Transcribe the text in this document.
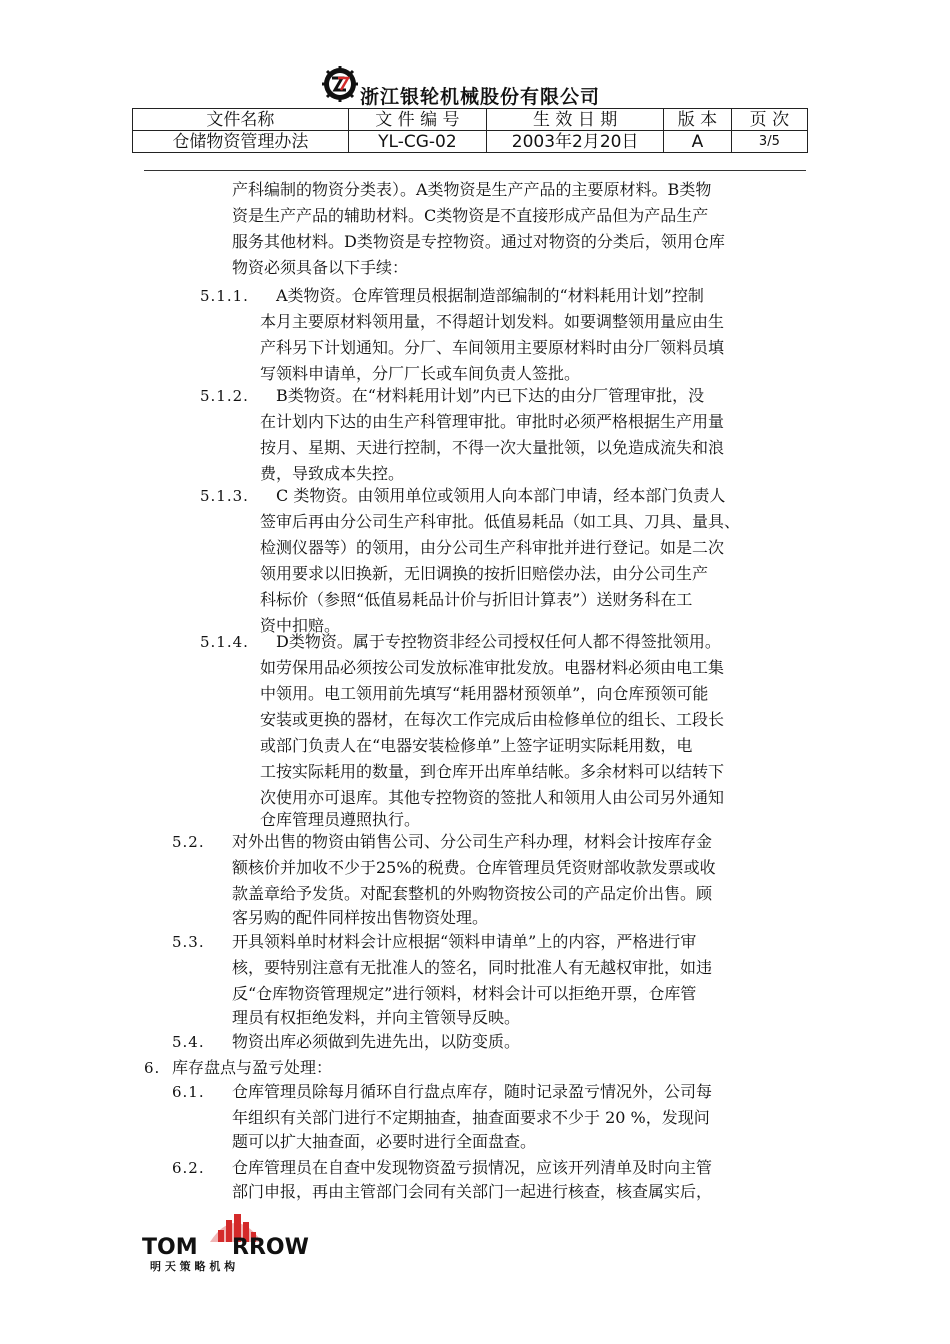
浙江银轮机械股份有限公司
文件名称	文 件 编 号	生 效 日 期	版 本	页 次
仓储物资管理办法	YL-CG-02	2003年2月20日	A	3/5
产科编制的物资分类表）。A类物资是生产产品的主要原材料。B类物
资是生产产品的辅助材料。C类物资是不直接形成产品但为产品生产
服务其他材料。D类物资是专控物资。通过对物资的分类后，领用仓库
物资必须具备以下手续：
5.1.1. A类物资。仓库管理员根据制造部编制的“材料耗用计划”控制
本月主要原材料领用量，不得超计划发料。如要调整领用量应由生
产科另下计划通知。分厂、车间领用主要原材料时由分厂领料员填
写领料申请单，分厂厂长或车间负责人签批。
5.1.2. B类物资。在“材料耗用计划”内已下达的由分厂管理审批，没
在计划内下达的由生产科管理审批。审批时必须严格根据生产用量
按月、星期、天进行控制，不得一次大量批领，以免造成流失和浪
费，导致成本失控。
5.1.3. C 类物资。由领用单位或领用人向本部门申请，经本部门负责人
签审后再由分公司生产科审批。低值易耗品（如工具、刀具、量具、
检测仪器等）的领用，由分公司生产科审批并进行登记。如是二次
领用要求以旧换新，无旧调换的按折旧赔偿办法，由分公司生产
科标价（参照“低值易耗品计价与折旧计算表”）送财务科在工
资中扣赔。
5.1.4. D类物资。属于专控物资非经公司授权任何人都不得签批领用。
如劳保用品必须按公司发放标准审批发放。电器材料必须由电工集
中领用。电工领用前先填写“耗用器材预领单”，向仓库预领可能
安装或更换的器材，在每次工作完成后由检修单位的组长、工段长
或部门负责人在“电器安装检修单”上签字证明实际耗用数，电
工按实际耗用的数量，到仓库开出库单结帐。多余材料可以结转下
次使用亦可退库。其他专控物资的签批人和领用人由公司另外通知
仓库管理员遵照执行。
5.2. 对外出售的物资由销售公司、分公司生产科办理，材料会计按库存金
额核价并加收不少于25%的税费。仓库管理员凭资财部收款发票或收
款盖章给予发货。对配套整机的外购物资按公司的产品定价出售。顾
客另购的配件同样按出售物资处理。
5.3. 开具领料单时材料会计应根据“领料申请单”上的内容，严格进行审
核，要特别注意有无批准人的签名，同时批准人有无越权审批，如违
反“仓库物资管理规定”进行领料，材料会计可以拒绝开票，仓库管
理员有权拒绝发料，并向主管领导反映。
5.4. 物资出库必须做到先进先出，以防变质。
6. 库存盘点与盈亏处理：
6.1. 仓库管理员除每月循环自行盘点库存，随时记录盈亏情况外，公司每
年组织有关部门进行不定期抽查，抽查面要求不少于 20 %，发现问
题可以扩大抽查面，必要时进行全面盘查。
6.2. 仓库管理员在自查中发现物资盈亏损情况，应该开列清单及时向主管
部门申报，再由主管部门会同有关部门一起进行核查，核查属实后，
TOM RROW
明 天 策 略 机 构
